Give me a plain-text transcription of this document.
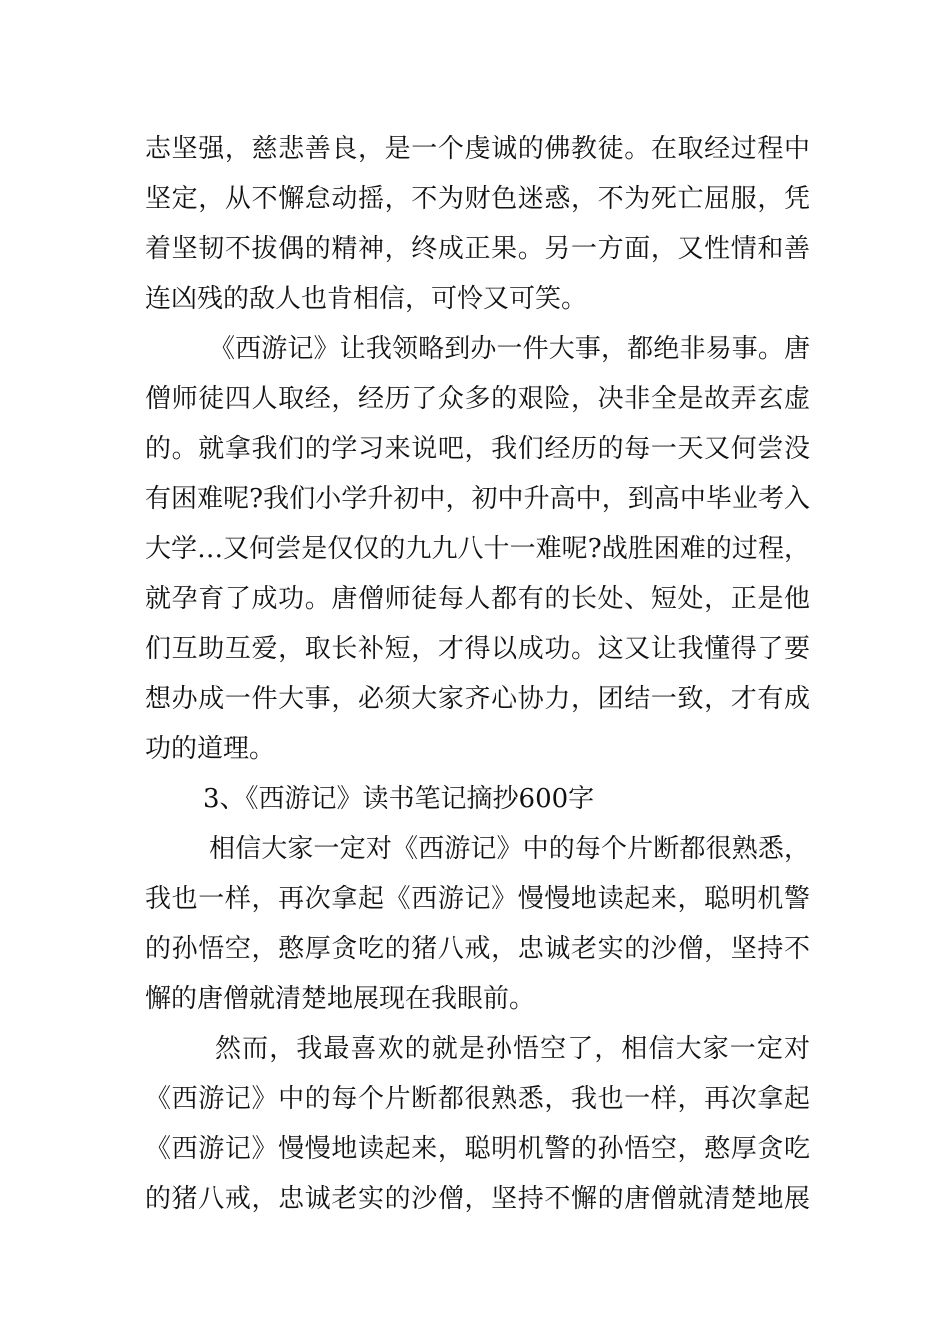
志坚强，慈悲善良，是一个虔诚的佛教徒。在取经过程中
坚定，从不懈怠动摇，不为财色迷惑，不为死亡屈服，凭
着坚韧不拔偶的精神，终成正果。另一方面，又性情和善
连凶残的敌人也肯相信，可怜又可笑。
《西游记》让我领略到办一件大事，都绝非易事。唐
僧师徒四人取经，经历了众多的艰险，决非全是故弄玄虚
的。就拿我们的学习来说吧，我们经历的每一天又何尝没
有困难呢?我们小学升初中，初中升高中，到高中毕业考入
大学…又何尝是仅仅的九九八十一难呢?战胜困难的过程，
就孕育了成功。唐僧师徒每人都有的长处、短处，正是他
们互助互爱，取长补短，才得以成功。这又让我懂得了要
想办成一件大事，必须大家齐心协力，团结一致，才有成
功的道理。
3、《西游记》读书笔记摘抄600字
相信大家一定对《西游记》中的每个片断都很熟悉，
我也一样，再次拿起《西游记》慢慢地读起来，聪明机警
的孙悟空，憨厚贪吃的猪八戒，忠诚老实的沙僧，坚持不
懈的唐僧就清楚地展现在我眼前。
然而，我最喜欢的就是孙悟空了，相信大家一定对
《西游记》中的每个片断都很熟悉，我也一样，再次拿起
《西游记》慢慢地读起来，聪明机警的孙悟空，憨厚贪吃
的猪八戒，忠诚老实的沙僧，坚持不懈的唐僧就清楚地展
